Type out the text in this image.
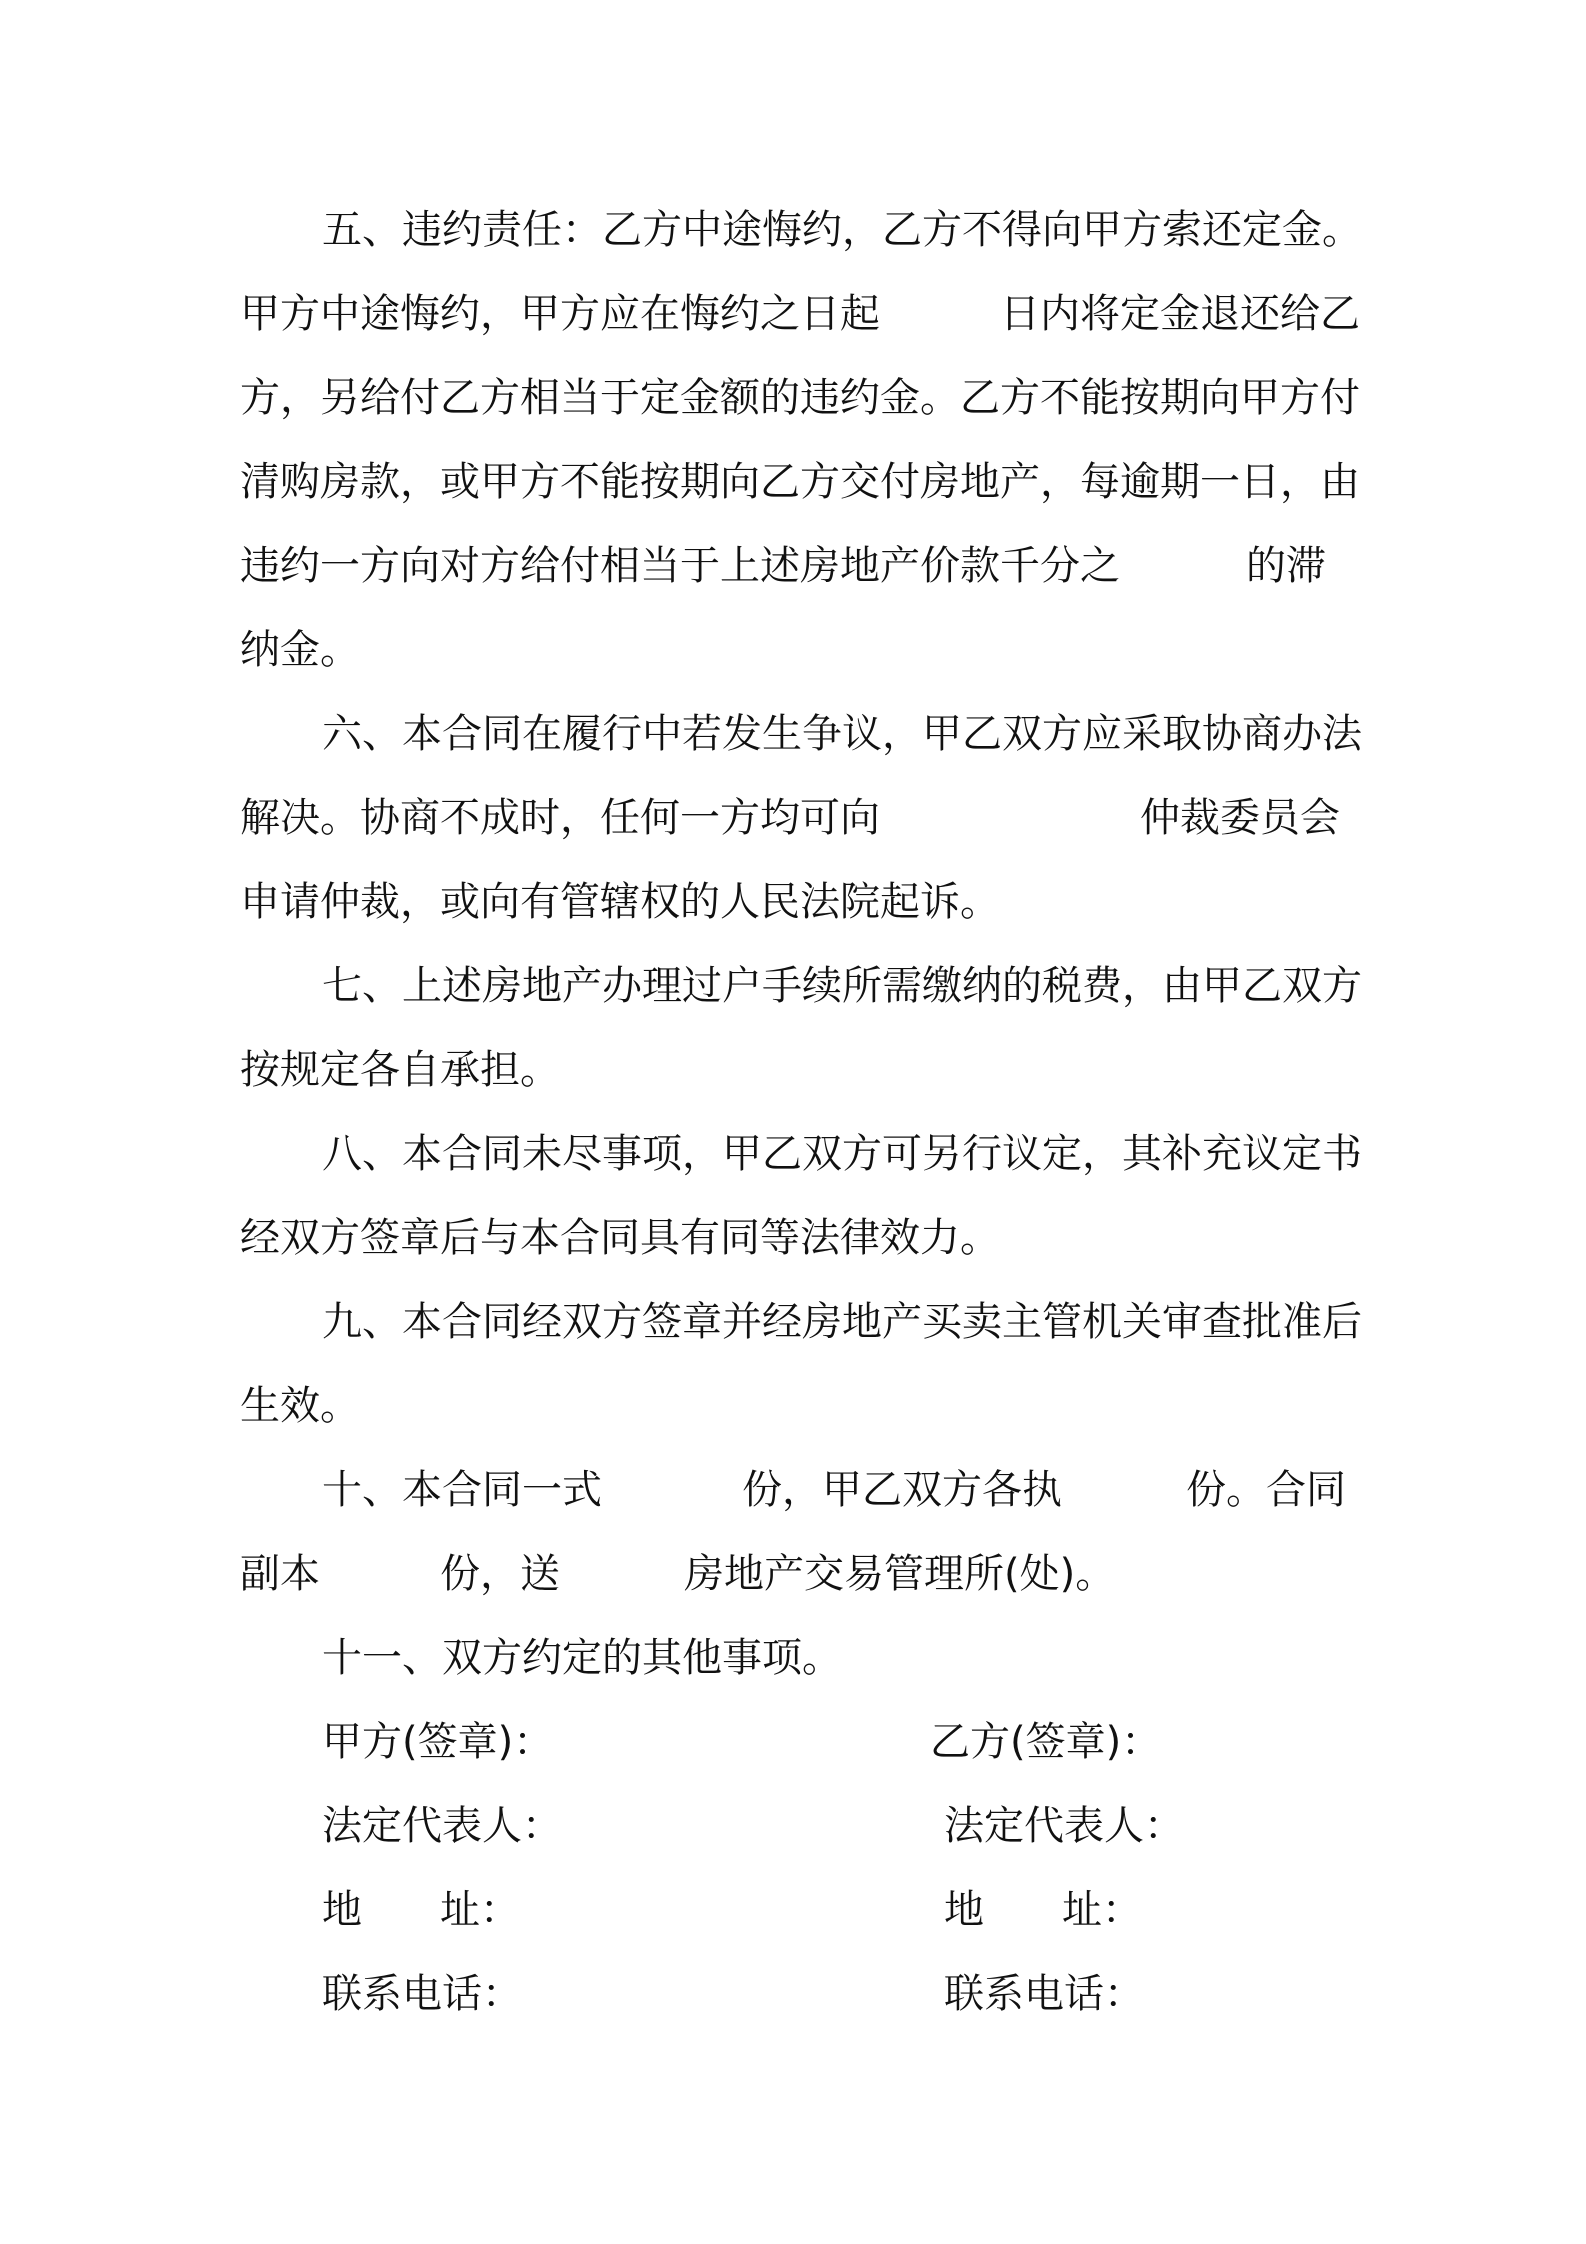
五、违约责任：乙方中途悔约，乙方不得向甲方索还定金。
甲方中途悔约，甲方应在悔约之日起	日内将定金退还给乙
方，另给付乙方相当于定金额的违约金。乙方不能按期向甲方付
清购房款，或甲方不能按期向乙方交付房地产，每逾期一日，由
违约一方向对方给付相当于上述房地产价款千分之	的滞
纳金。
六、本合同在履行中若发生争议，甲乙双方应采取协商办法
解决。协商不成时，任何一方均可向	仲裁委员会
申请仲裁，或向有管辖权的人民法院起诉。
七、上述房地产办理过户手续所需缴纳的税费，由甲乙双方
按规定各自承担。
八、本合同未尽事项，甲乙双方可另行议定，其补充议定书
经双方签章后与本合同具有同等法律效力。
九、本合同经双方签章并经房地产买卖主管机关审查批准后
生效。
十、本合同一式	份，甲乙双方各执	份。合同
副本	份，送	房地产交易管理所(处)。
十一、双方约定的其他事项。
甲方(签章)：	乙方(签章)：
法定代表人：	法定代表人：
地 址：	地 址：
联系电话：	联系电话：
